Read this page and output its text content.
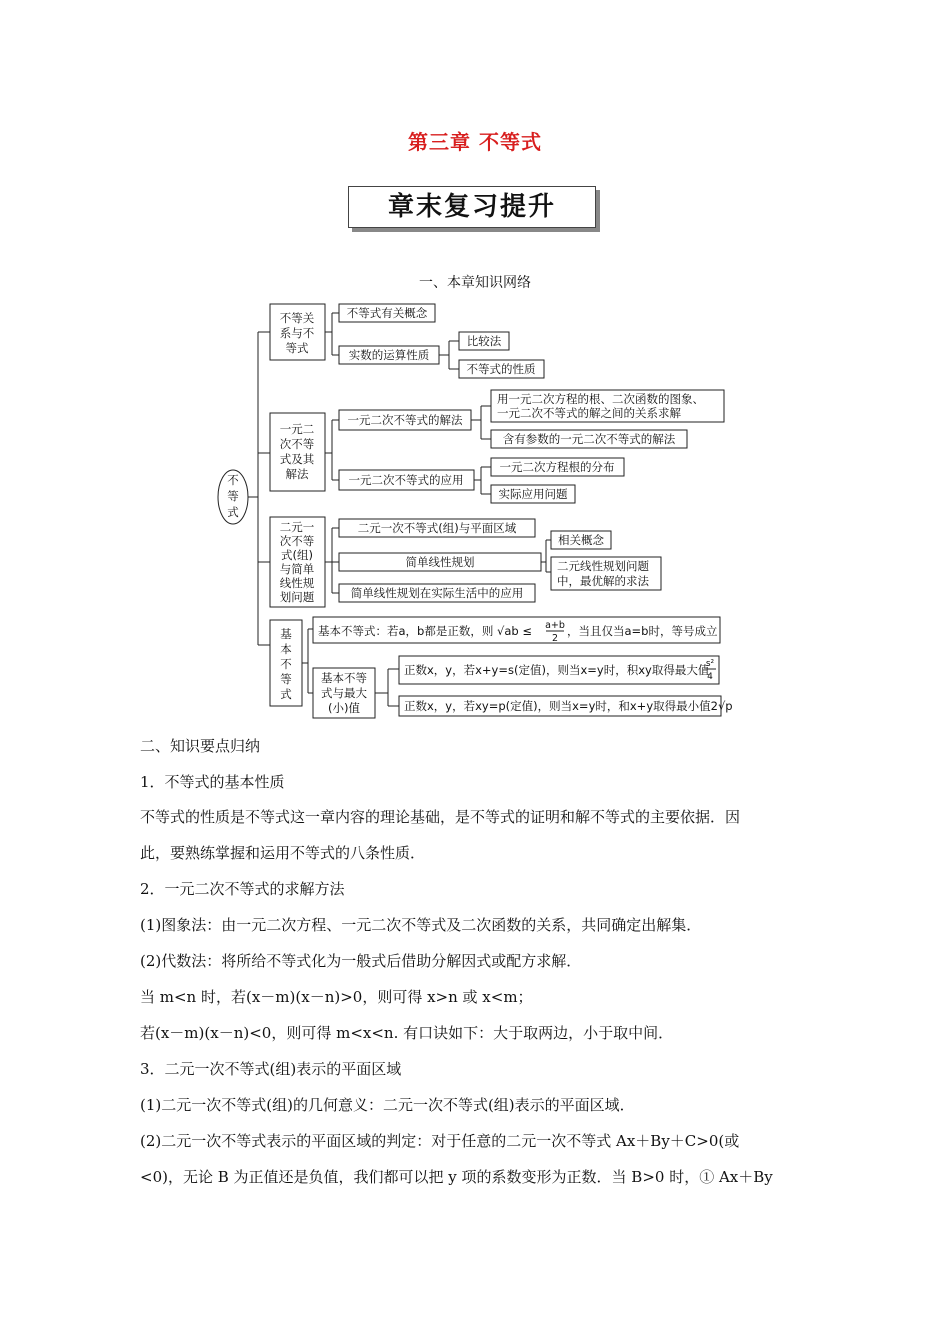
第三章 不等式
章末复习提升
一、本章知识网络
不
等
式
不等关
系与不
等式
不等式有关概念
实数的运算性质
比较法
不等式的性质
一元二
次不等
式及其
解法
一元二次不等式的解法
一元二次不等式的应用
用一元二次方程的根、二次函数的图象、
一元二次不等式的解之间的关系求解
含有参数的一元二次不等式的解法
一元二次方程根的分布
实际应用问题
二元一
次不等
式(组)
与简单
线性规
划问题
二元一次不等式(组)与平面区域
简单线性规划
简单线性规划在实际生活中的应用
相关概念
二元线性规划问题
中，最优解的求法
基
本
不
等
式
基本不等式：若a，b都是正数，则 √ab ≤ a+b
2
，当且仅当a=b时，等号成立
基本不等
式与最大
(小)值
正数x，y，若x+y=s(定值)，则当x=y时，积xy取得最大值
s²
4
正数x，y，若xy=p(定值)，则当x=y时，和x+y取得最小值2√p
二、知识要点归纳
1．不等式的基本性质
不等式的性质是不等式这一章内容的理论基础，是不等式的证明和解不等式的主要依据．因
此，要熟练掌握和运用不等式的八条性质．
2．一元二次不等式的求解方法
(1)图象法：由一元二次方程、一元二次不等式及二次函数的关系，共同确定出解集．
(2)代数法：将所给不等式化为一般式后借助分解因式或配方求解．
当 m<n 时，若(x－m)(x－n)>0，则可得 x>n 或 x<m；
若(x－m)(x－n)<0，则可得 m<x<n. 有口诀如下：大于取两边，小于取中间．
3．二元一次不等式(组)表示的平面区域
(1)二元一次不等式(组)的几何意义：二元一次不等式(组)表示的平面区域．
(2)二元一次不等式表示的平面区域的判定：对于任意的二元一次不等式 Ax＋By＋C>0(或
<0)，无论 B 为正值还是负值，我们都可以把 y 项的系数变形为正数．当 B>0 时，① Ax＋By
